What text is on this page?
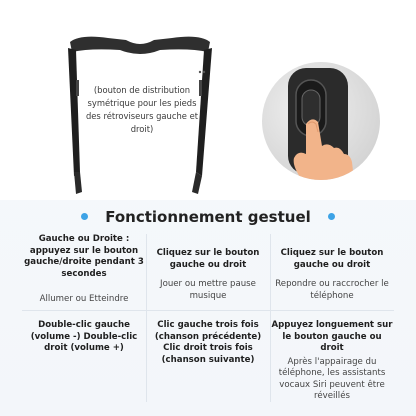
(bouton de distribution symétrique pour les pieds des rétroviseurs gauche et droit)
Fonctionnement gestuel
Gauche ou Droite : appuyez sur le bouton gauche/droite pendant 3 secondes
Allumer ou Etteindre
Cliquez sur le bouton gauche ou droit
Jouer ou mettre pause musique
Cliquez sur le bouton gauche ou droit
Repondre ou raccrocher le téléphone
Double-clic gauche (volume -) Double-clic droit (volume +)
Clic gauche trois fois (chanson précédente) Clic droit trois fois (chanson suivante)
Appuyez longuement sur le bouton gauche ou droit
Après l'appairage du téléphone, les assistants vocaux Siri peuvent être réveillés
